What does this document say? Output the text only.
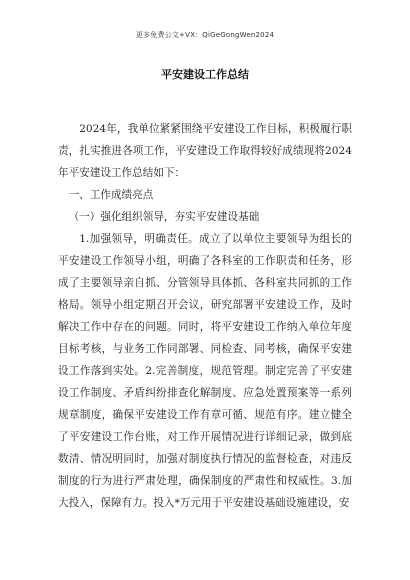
更多免费公文+VX：QiGeGongWen2024
平安建设工作总结

2024年，我单位紧紧围绕平安建设工作目标，积极履行职责，扎实推进各项工作，平安建设工作取得较好成绩现将2024年平安建设工作总结如下：

一、工作成绩亮点

（一）强化组织领导，夯实平安建设基础

1.加强领导，明确责任。成立了以单位主要领导为组长的平安建设工作领导小组，明确了各科室的工作职责和任务，形成了主要领导亲自抓、分管领导具体抓、各科室共同抓的工作格局。领导小组定期召开会议，研究部署平安建设工作，及时解决工作中存在的问题。同时，将平安建设工作纳入单位年度目标考核，与业务工作同部署、同检查、同考核，确保平安建设工作落到实处。2.完善制度，规范管理。制定完善了平安建设工作制度、矛盾纠纷排查化解制度、应急处置预案等一系列规章制度，确保平安建设工作有章可循、规范有序。建立健全了平安建设工作台账，对工作开展情况进行详细记录，做到底数清、情况明同时，加强对制度执行情况的监督检查，对违反制度的行为进行严肃处理，确保制度的严肃性和权威性。3.加大投入，保障有力。投入*万元用于平安建设基础设施建设，安
